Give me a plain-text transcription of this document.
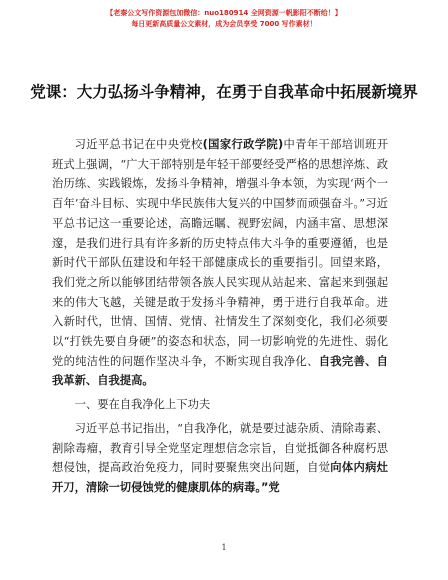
【老秦公文写作资源包加微信：nuo180914 全网资源一帆影阳不断给！】
每日更新高质量公文素材，成为会员享受 7000 写作素材！
党课：大力弘扬斗争精神，在勇于自我革命中拓展新境界

习近平总书记在中央党校(国家行政学院)中青年干部培训班开班式上强调，“广大干部特别是年轻干部要经受严格的思想淬炼、政治历练、实践锻炼，发扬斗争精神，增强斗争本领，为实现‘两个一百年’奋斗目标、实现中华民族伟大复兴的中国梦而顽强奋斗。”习近平总书记这一重要论述，高瞻远瞩、视野宏阔，内涵丰富、思想深邃，是我们进行具有许多新的历史特点伟大斗争的重要遵循，也是新时代干部队伍建设和年轻干部健康成长的重要指引。回望来路，我们党之所以能够团结带领各族人民实现从站起来、富起来到强起来的伟大飞越，关键是敢于发扬斗争精神，勇于进行自我革命。进入新时代，世情、国情、党情、社情发生了深刻变化，我们必须要以“打铁先要自身硬”的姿态和状态，同一切影响党的先进性、弱化党的纯洁性的问题作坚决斗争，不断实现自我净化、自我完善、自我革新、自我提高。

一、要在自我净化上下功夫

习近平总书记指出，“自我净化，就是要过滤杂质、清除毒素、割除毒瘤，教育引导全党坚定理想信念宗旨，自觉抵御各种腐朽思想侵蚀，提高政治免疫力，同时要聚焦突出问题，自觉向体内病灶开刀，清除一切侵蚀党的健康肌体的病毒。”党

1
